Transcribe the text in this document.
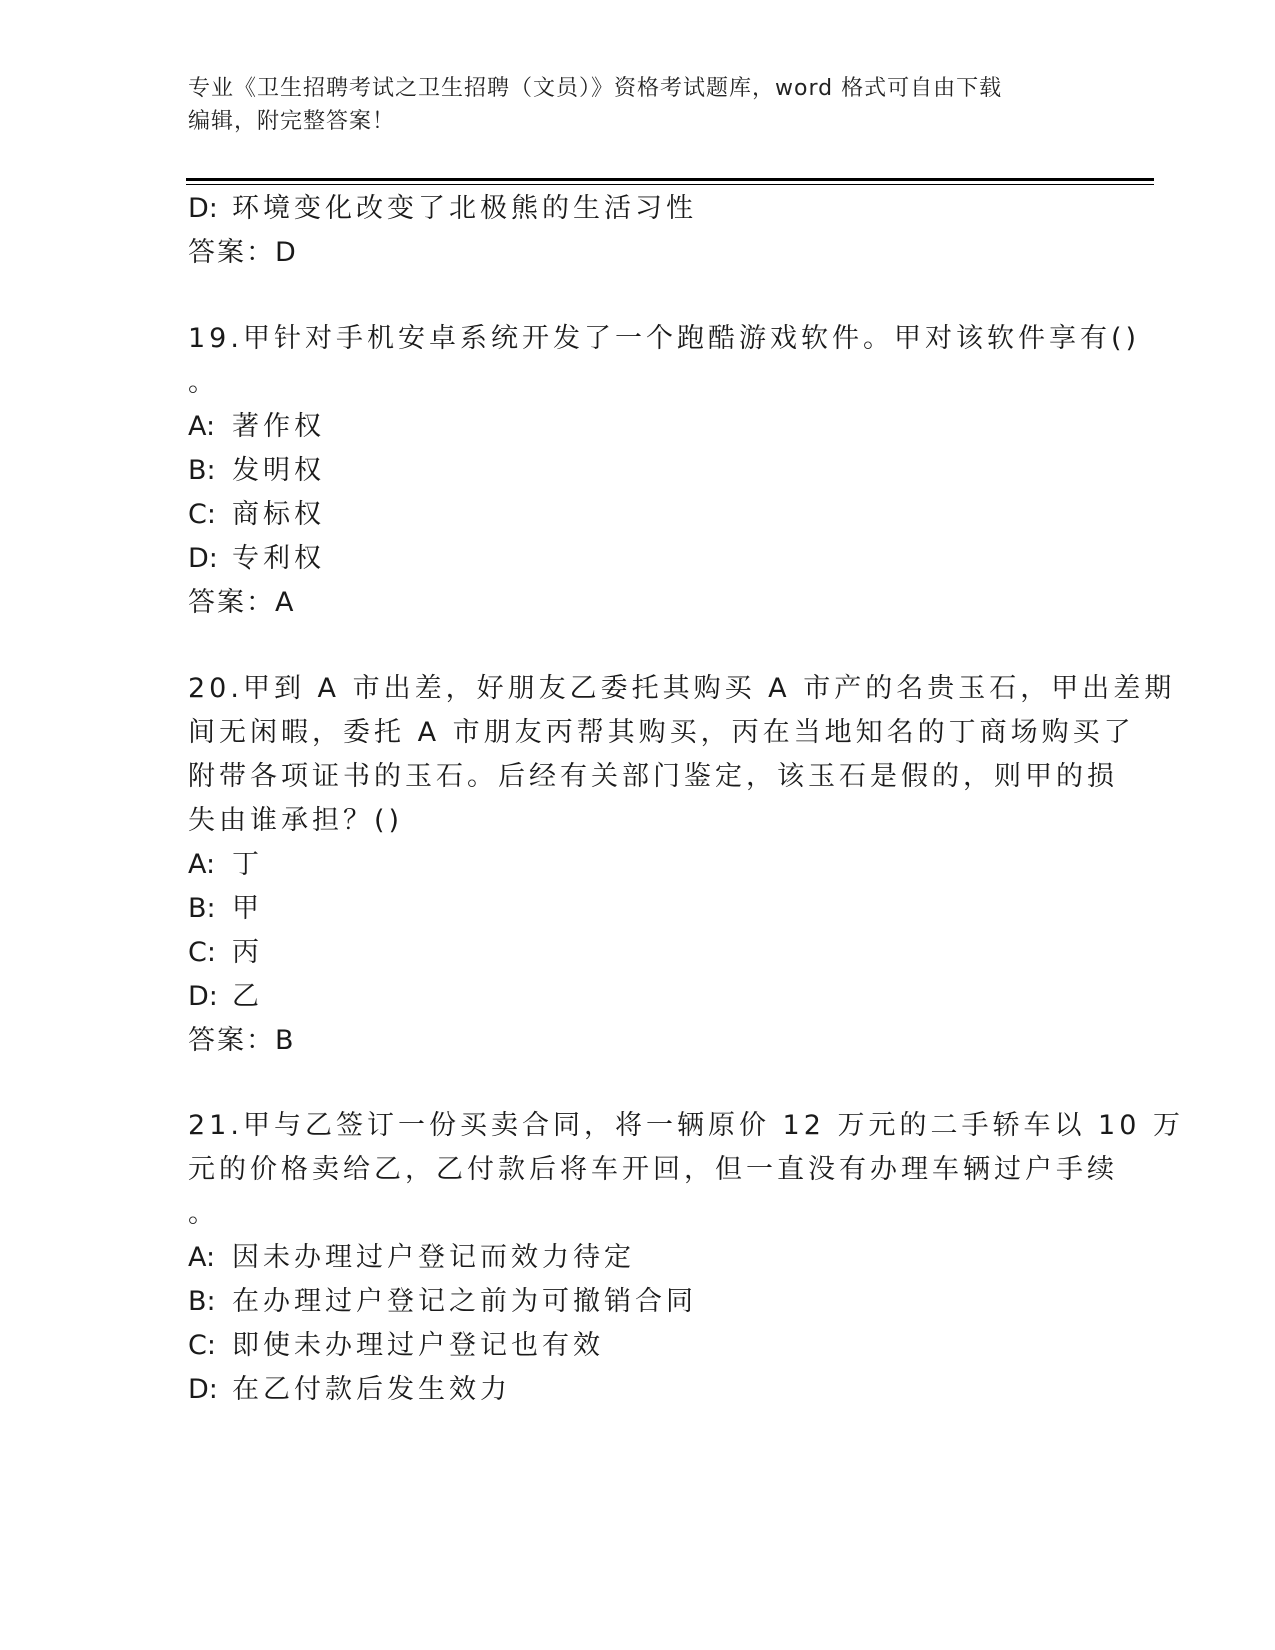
专业《卫生招聘考试之卫生招聘（文员）》资格考试题库，word 格式可自由下载
编辑，附完整答案！
D: 环境变化改变了北极熊的生活习性
答案：D
19.甲针对手机安卓系统开发了一个跑酷游戏软件。甲对该软件享有()
。
A: 著作权
B: 发明权
C: 商标权
D: 专利权
答案：A
20.甲到 A 市出差，好朋友乙委托其购买 A 市产的名贵玉石，甲出差期
间无闲暇，委托 A 市朋友丙帮其购买，丙在当地知名的丁商场购买了
附带各项证书的玉石。后经有关部门鉴定，该玉石是假的，则甲的损
失由谁承担？()
A: 丁
B: 甲
C: 丙
D: 乙
答案：B
21.甲与乙签订一份买卖合同，将一辆原价 12 万元的二手轿车以 10 万
元的价格卖给乙，乙付款后将车开回，但一直没有办理车辆过户手续
。
A: 因未办理过户登记而效力待定
B: 在办理过户登记之前为可撤销合同
C: 即使未办理过户登记也有效
D: 在乙付款后发生效力
